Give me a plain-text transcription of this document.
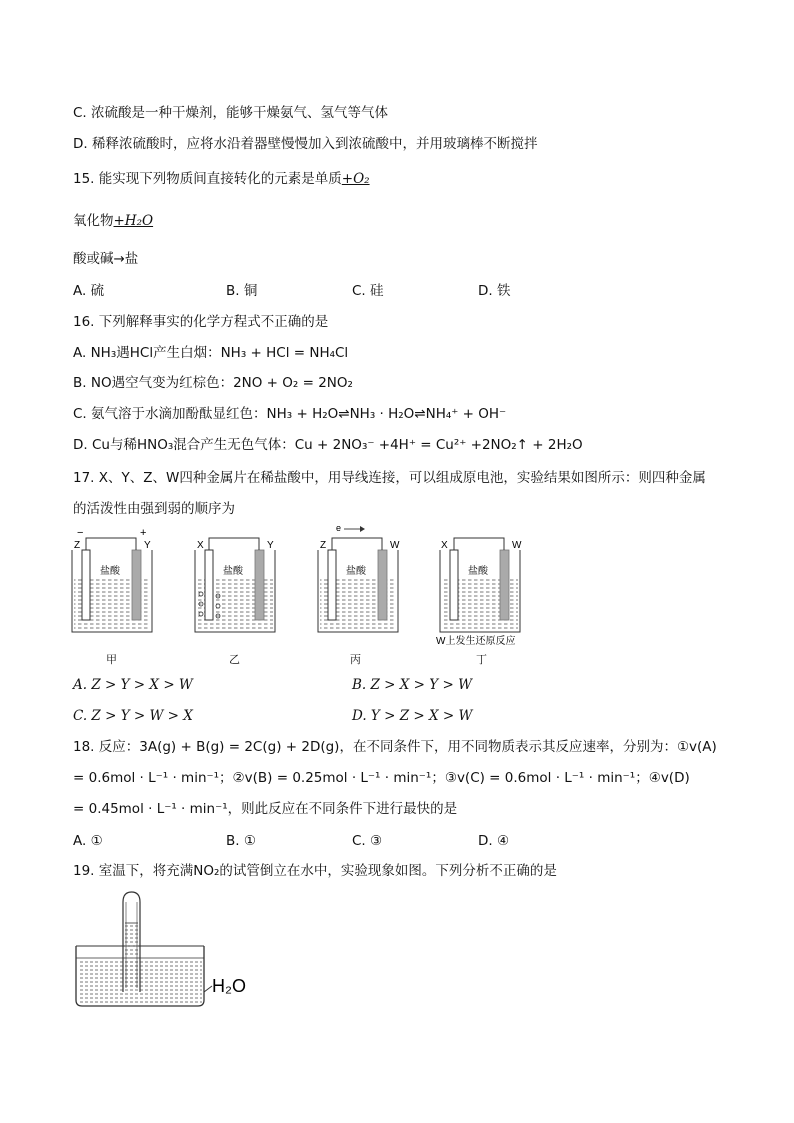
C. 浓硫酸是一种干燥剂，能够干燥氨气、氢气等气体
D. 稀释浓硫酸时，应将水沿着器壁慢慢加入到浓硫酸中，并用玻璃棒不断搅拌
15. 能实现下列物质间直接转化的元素是单质+O₂
氧化物+H₂O
酸或碱→盐
A. 硫	B. 铜	C. 硅	D. 铁
16. 下列解释事实的化学方程式不正确的是
A. NH₃遇HCl产生白烟：NH₃ + HCl = NH₄Cl
B. NO遇空气变为红棕色：2NO + O₂ = 2NO₂
C. 氨气溶于水滴加酚酞显红色：NH₃ + H₂O⇌NH₃ · H₂O⇌NH₄⁺ + OH⁻
D. Cu与稀HNO₃混合产生无色气体：Cu + 2NO₃⁻ +4H⁺ = Cu²⁺ +2NO₂↑ + 2H₂O
17. X、Y、Z、W四种金属片在稀盐酸中，用导线连接，可以组成原电池，实验结果如图所示：则四种金属
的活泼性由强到弱的顺序为
Z	Y
−	+
盐酸
X	Y
盐酸
Z	W
e
盐酸
X	W
盐酸
W上发生还原反应
甲	乙	丙	丁
A. Z > Y > X > W	B. Z > X > Y > W
C. Z > Y > W > X	D. Y > Z > X > W
18. 反应：3A(g) + B(g) = 2C(g) + 2D(g)，在不同条件下，用不同物质表示其反应速率，分别为：①v(A)
= 0.6mol · L⁻¹ · min⁻¹；②v(B) = 0.25mol · L⁻¹ · min⁻¹；③v(C) = 0.6mol · L⁻¹ · min⁻¹；④v(D)
= 0.45mol · L⁻¹ · min⁻¹，则此反应在不同条件下进行最快的是
A. ①	B. ①	C. ③	D. ④
19. 室温下，将充满NO₂的试管倒立在水中，实验现象如图。下列分析不正确的是
H₂O
